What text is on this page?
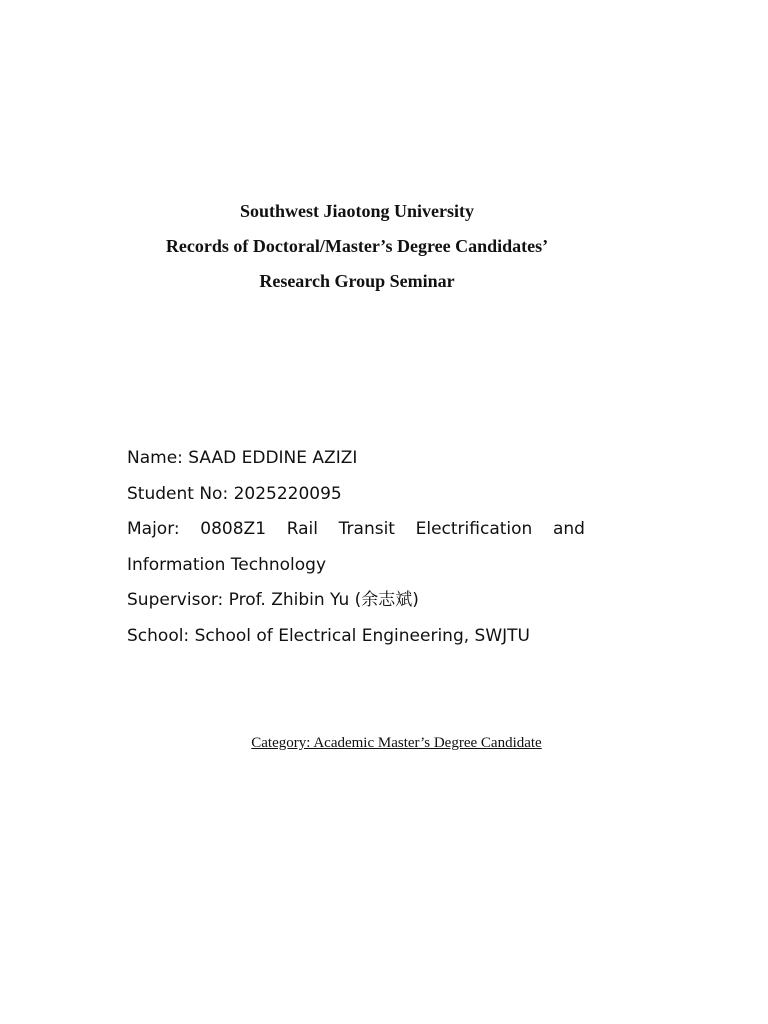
Southwest Jiaotong University
Records of Doctoral/Master’s Degree Candidates’
Research Group Seminar
Name: SAAD EDDINE AZIZI
Student No: 2025220095
Major: 0808Z1 Rail Transit Electrification and
Information Technology
Supervisor: Prof. Zhibin Yu (余志斌)
School: School of Electrical Engineering, SWJTU
Category: Academic Master’s Degree Candidate
